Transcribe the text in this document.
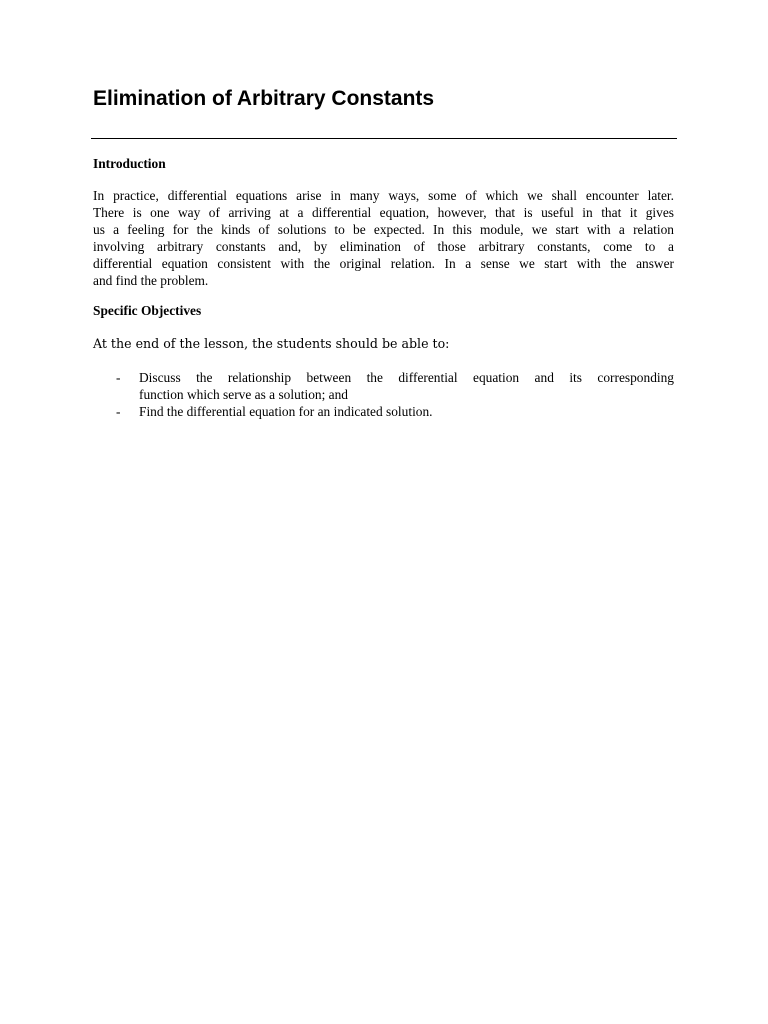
Elimination of Arbitrary Constants
Introduction
In practice, differential equations arise in many ways, some of which we shall encounter later.
There is one way of arriving at a differential equation, however, that is useful in that it gives
us a feeling for the kinds of solutions to be expected. In this module, we start with a relation
involving arbitrary constants and, by elimination of those arbitrary constants, come to a
differential equation consistent with the original relation. In a sense we start with the answer
and find the problem.
Specific Objectives

At the end of the lesson, the students should be able to:

- Discuss the relationship between the differential equation and its corresponding
function which serve as a solution; and
- Find the differential equation for an indicated solution.
